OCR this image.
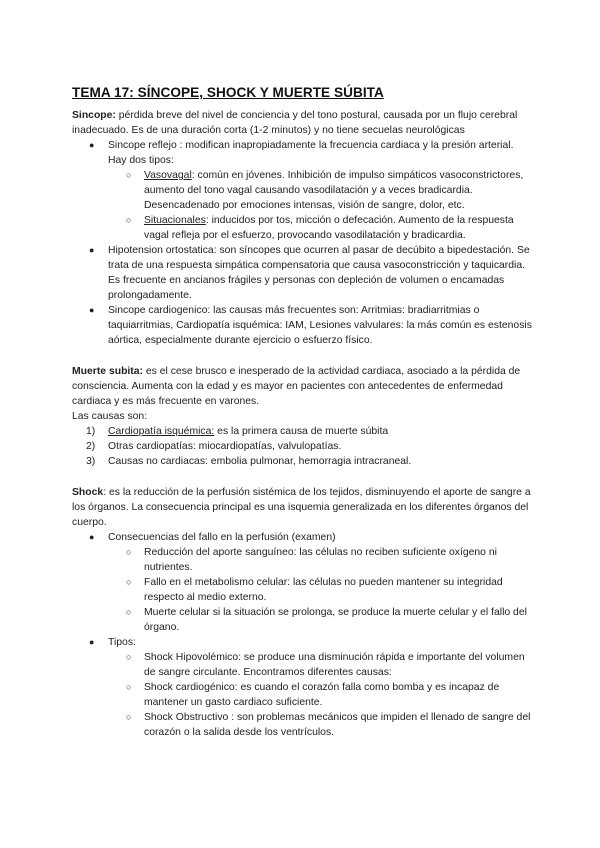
TEMA 17: SÍNCOPE, SHOCK Y MUERTE SÚBITA

Sincope: pérdida breve del nivel de conciencia y del tono postural, causada por un flujo cerebral inadecuado. Es de una duración corta (1-2 minutos) y no tiene secuelas neurológicas

● Sincope reflejo : modifican inapropiadamente la frecuencia cardiaca y la presión arterial. Hay dos tipos:
○ Vasovagal: común en jóvenes. Inhibición de impulso simpáticos vasoconstrictores, aumento del tono vagal causando vasodilatación y a veces bradicardia. Desencadenado por emociones intensas, visión de sangre, dolor, etc.
○ Situacionales: inducidos por tos, micción o defecación. Aumento de la respuesta vagal refleja por el esfuerzo, provocando vasodilatación y bradicardia.
● Hipotension ortostatica: son síncopes que ocurren al pasar de decúbito a bipedestación. Se trata de una respuesta simpática compensatoria que causa vasoconstricción y taquicardia. Es frecuente en ancianos frágiles y personas con depleción de volumen o encamadas prolongadamente.
● Sincope cardiogenico: las causas más frecuentes son: Arritmias: bradiarritmias o taquiarritmias, Cardiopatía isquémica: IAM, Lesiones valvulares: la más común es estenosis aórtica, especialmente durante ejercicio o esfuerzo físico.

Muerte subita: es el cese brusco e inesperado de la actividad cardiaca, asociado a la pérdida de consciencia. Aumenta con la edad y es mayor en pacientes con antecedentes de enfermedad cardiaca y es más frecuente en varones.

Las causas son:

1) Cardiopatía isquémica: es la primera causa de muerte súbita
2) Otras cardiopatías: miocardiopatías, valvulopatías.
3) Causas no cardiacas: embolia pulmonar, hemorragia intracraneal.

Shock: es la reducción de la perfusión sistémica de los tejidos, disminuyendo el aporte de sangre a los órganos. La consecuencia principal es una isquemia generalizada en los diferentes órganos del cuerpo.

● Consecuencias del fallo en la perfusión (examen)
○ Reducción del aporte sanguíneo: las células no reciben suficiente oxígeno ni nutrientes.
○ Fallo en el metabolismo celular: las células no pueden mantener su integridad respecto al medio externo.
○ Muerte celular si la situación se prolonga, se produce la muerte celular y el fallo del órgano.
● Tipos:
○ Shock Hipovolémico: se produce una disminución rápida e importante del volumen de sangre circulante. Encontramos diferentes causas:
○ Shock cardiogénico: es cuando el corazón falla como bomba y es incapaz de mantener un gasto cardiaco suficiente.
○ Shock Obstructivo : son problemas mecánicos que impiden el llenado de sangre del corazón o la salida desde los ventrículos.
